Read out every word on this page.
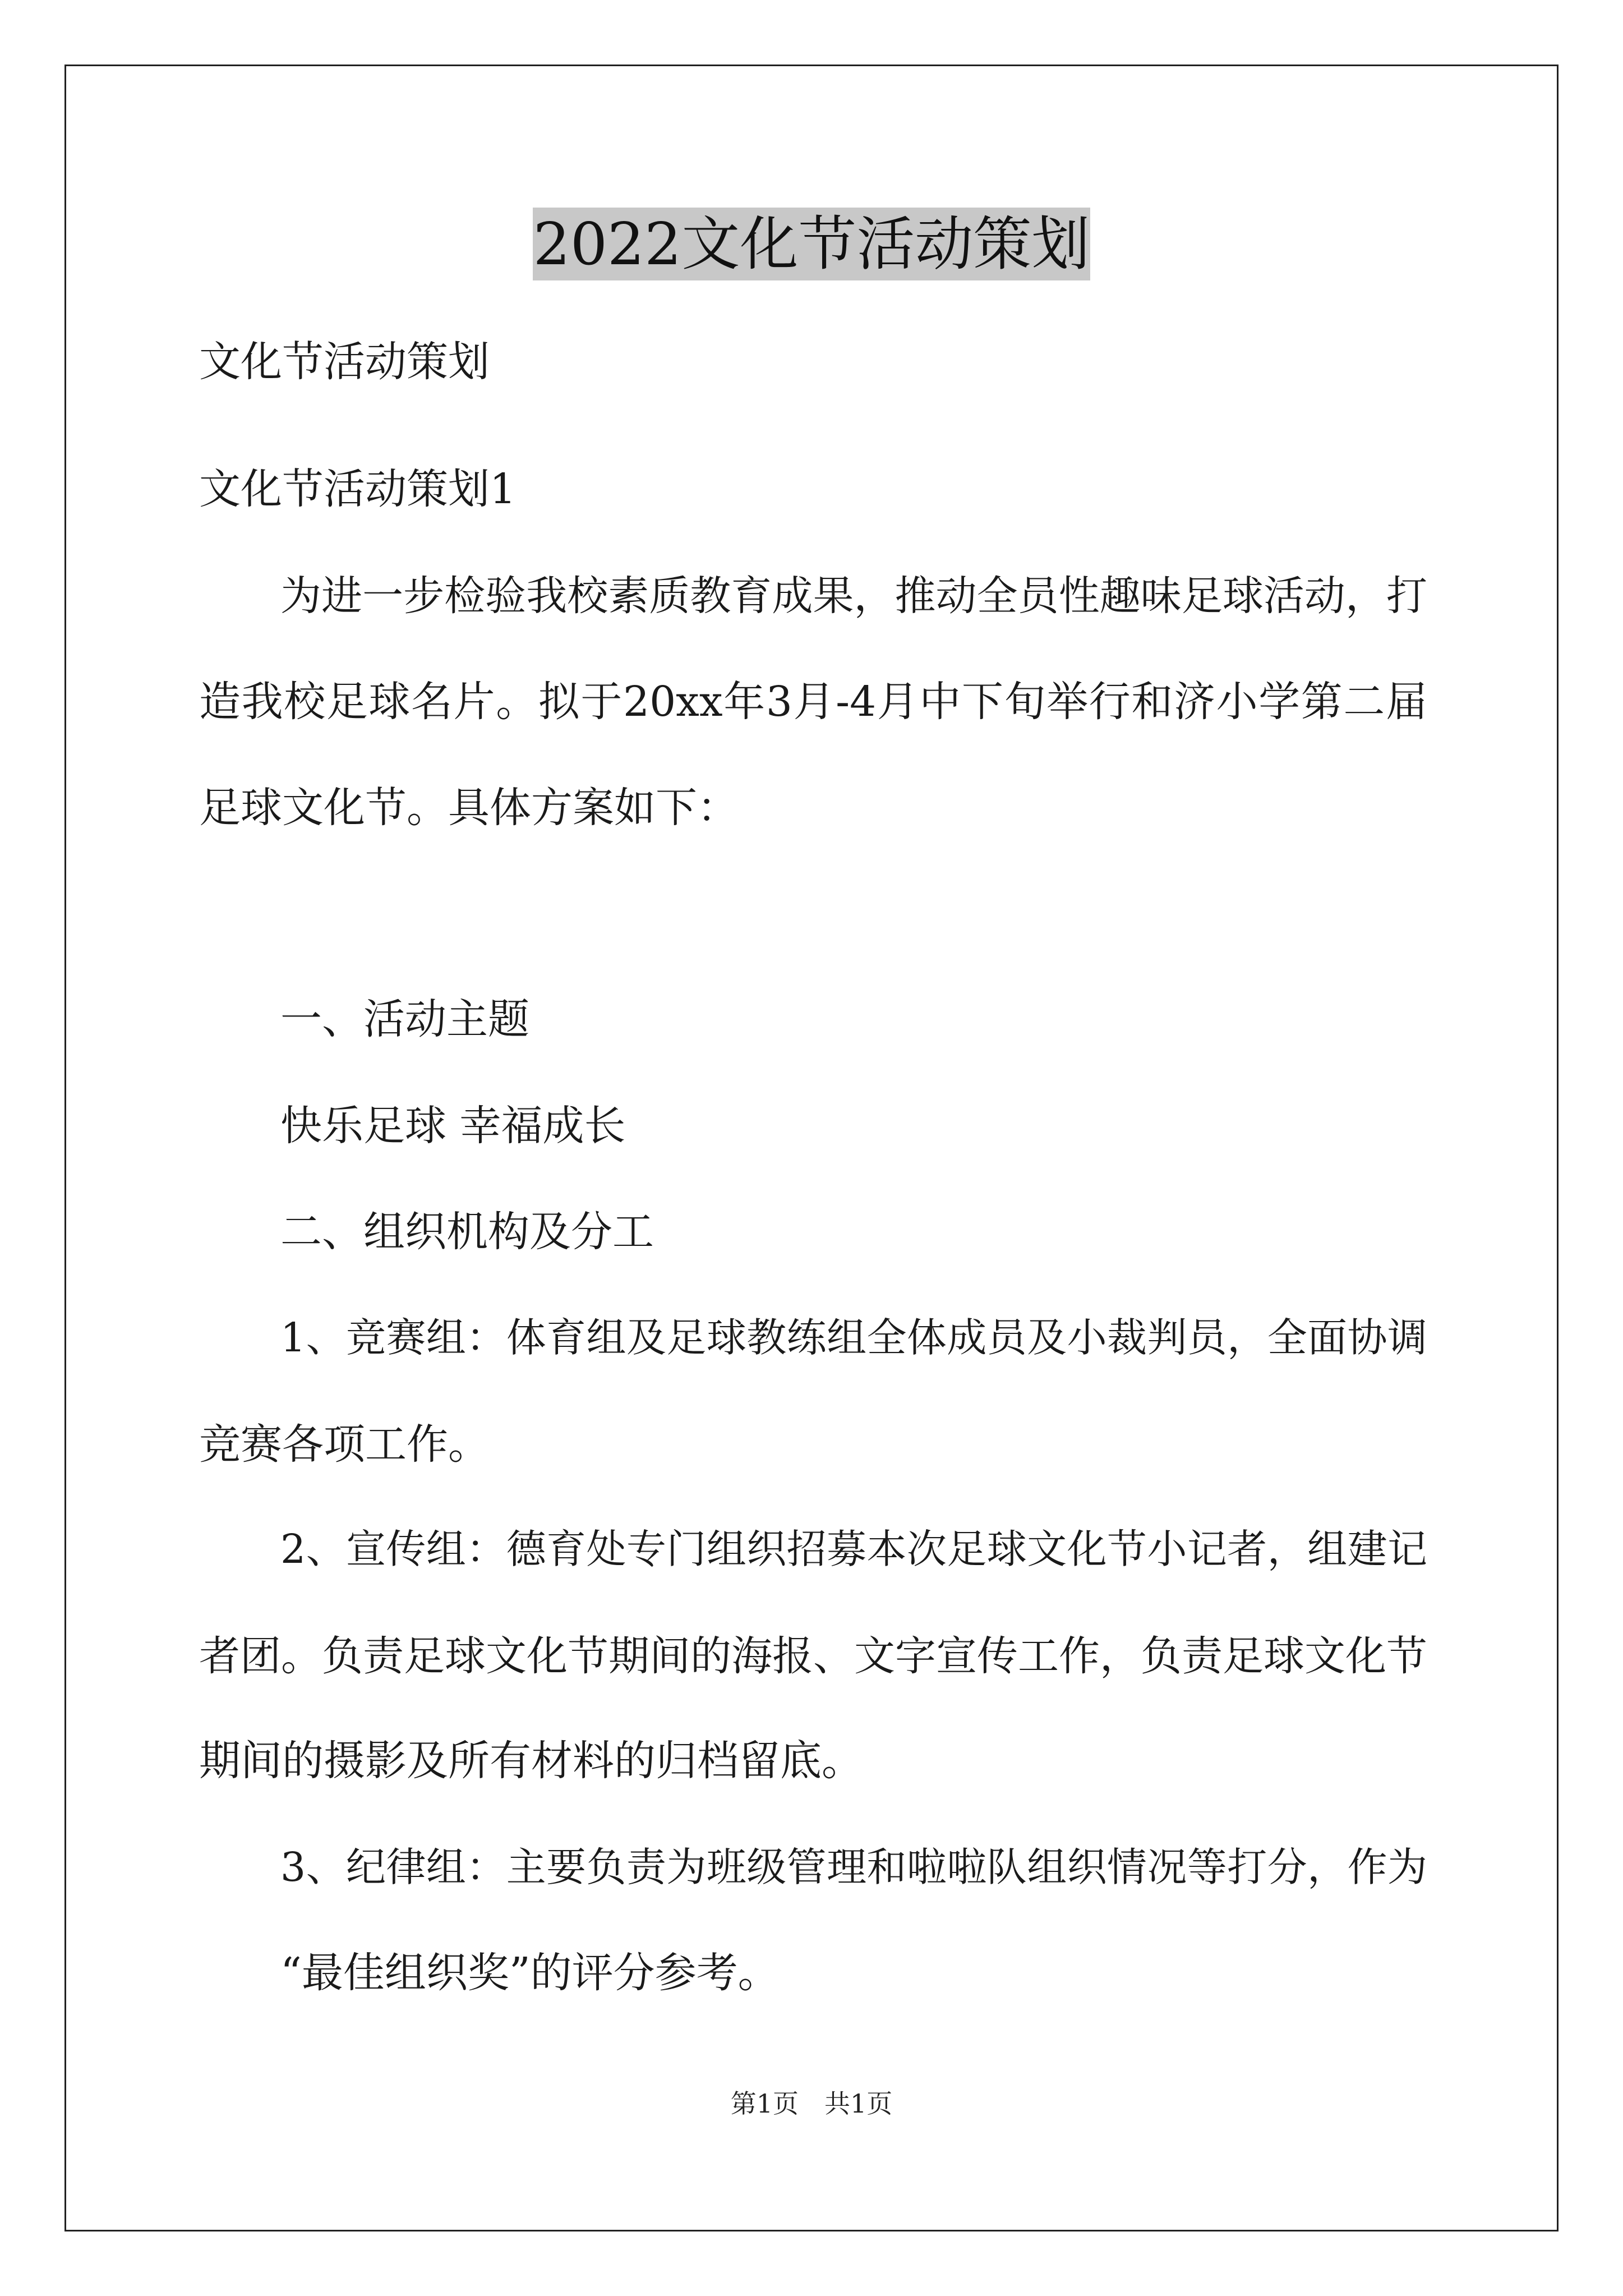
2022文化节活动策划
文化节活动策划
文化节活动策划1
为进一步检验我校素质教育成果，推动全员性趣味足球活动，打
造我校足球名片。拟于20xx年3月-4月中下旬举行和济小学第二届
足球文化节。具体方案如下：
一、活动主题
快乐足球 幸福成长
二、组织机构及分工
1、竞赛组：体育组及足球教练组全体成员及小裁判员，全面协调
竞赛各项工作。
2、宣传组：德育处专门组织招募本次足球文化节小记者，组建记
者团。负责足球文化节期间的海报、文字宣传工作，负责足球文化节
期间的摄影及所有材料的归档留底。
3、纪律组：主要负责为班级管理和啦啦队组织情况等打分，作为
“最佳组织奖”的评分参考。
第1页　共1页
